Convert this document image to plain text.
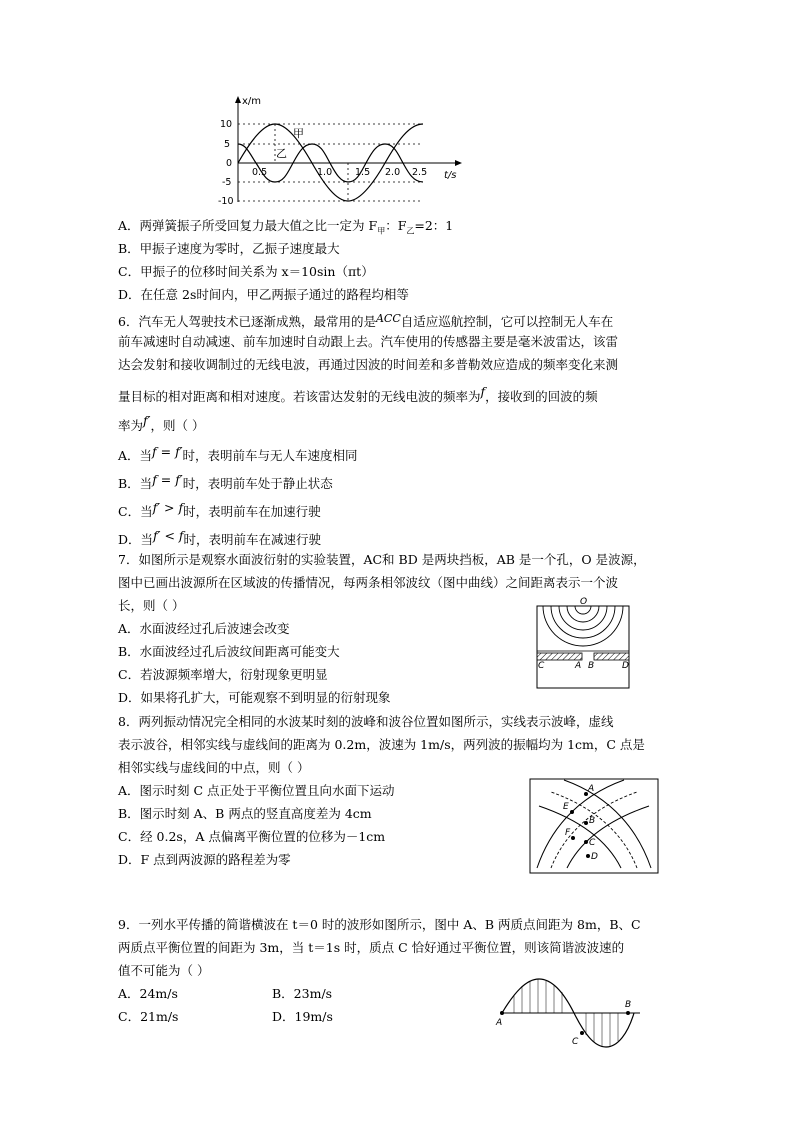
x/m
t/s
10
5
0
-5
-10
0.5	1.0 1.5 2.0 2.5
甲
乙
A．两弹簧振子所受回复力最大值之比一定为 $F_甲$：$F_乙=2$：1
B．甲振子速度为零时，乙振子速度最大
C．甲振子的位移时间关系为 x＝10sin（πt）
D．在任意 2s时间内，甲乙两振子通过的路程均相等
6．汽车无人驾驶技术已逐渐成熟，最常用的是ACC自适应巡航控制，它可以控制无人车在
前车减速时自动减速、前车加速时自动跟上去。汽车使用的传感器主要是毫米波雷达，该雷
达会发射和接收调制过的无线电波，再通过因波的时间差和多普勒效应造成的频率变化来测
量目标的相对距离和相对速度。若该雷达发射的无线电波的频率为f，接收到的回波的频
率为f′，则（ ）
A．当f = f′时，表明前车与无人车速度相同
B．当f = f′时，表明前车处于静止状态
C．当f′ > f时，表明前车在加速行驶
D．当f′ < f时，表明前车在减速行驶
7．如图所示是观察水面波衍射的实验装置，AC和 BD 是两块挡板，AB 是一个孔，O 是波源，
图中已画出波源所在区域波的传播情况，每两条相邻波纹（图中曲线）之间距离表示一个波
长，则（ ）
A．水面波经过孔后波速会改变
B．水面波经过孔后波纹间距离可能变大
C．若波源频率增大，衍射现象更明显
D．如果将孔扩大，可能观察不到明显的衍射现象
O
C	A B	D
8．两列振动情况完全相同的水波某时刻的波峰和波谷位置如图所示，实线表示波峰，虚线
表示波谷，相邻实线与虚线间的距离为 0.2m，波速为 1m/s，两列波的振幅均为 1cm，C 点是
相邻实线与虚线间的中点，则（ ）
A．图示时刻 C 点正处于平衡位置且向水面下运动
B．图示时刻 A、B 两点的竖直高度差为 4cm
C．经 0.2s，A 点偏离平衡位置的位移为－1cm
D．F 点到两波源的路程差为零
A
E
B
F
C
D
9．一列水平传播的简谐横波在 t＝0 时的波形如图所示，图中 A、B 两质点间距为 8m，B、C
两质点平衡位置的间距为 3m，当 t＝1s 时，质点 C 恰好通过平衡位置，则该简谐波波速的
值不可能为（ ）
A．24m/s	B．23m/s
C．21m/s	D．19m/s	A
B
C
